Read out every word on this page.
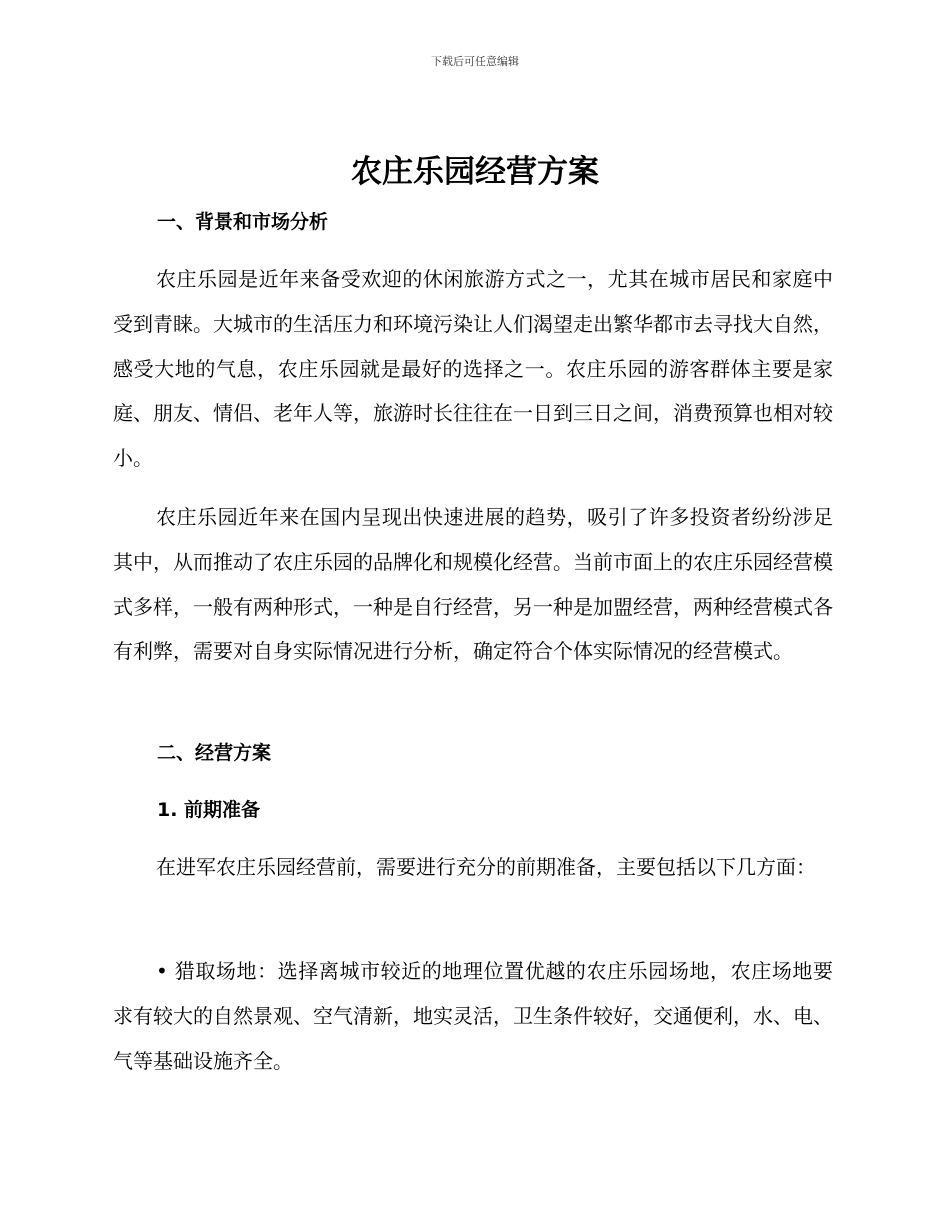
下载后可任意编辑
农庄乐园经营方案
一、背景和市场分析

农庄乐园是近年来备受欢迎的休闲旅游方式之一，尤其在城市居民和家庭中受到青睐。大城市的生活压力和环境污染让人们渴望走出繁华都市去寻找大自然，感受大地的气息，农庄乐园就是最好的选择之一。农庄乐园的游客群体主要是家庭、朋友、情侣、老年人等，旅游时长往往在一日到三日之间，消费预算也相对较小。

农庄乐园近年来在国内呈现出快速进展的趋势，吸引了许多投资者纷纷涉足其中，从而推动了农庄乐园的品牌化和规模化经营。当前市面上的农庄乐园经营模式多样，一般有两种形式，一种是自行经营，另一种是加盟经营，两种经营模式各有利弊，需要对自身实际情况进行分析，确定符合个体实际情况的经营模式。

二、经营方案
1. 前期准备

在进军农庄乐园经营前，需要进行充分的前期准备，主要包括以下几方面：

• 猎取场地：选择离城市较近的地理位置优越的农庄乐园场地，农庄场地要求有较大的自然景观、空气清新，地实灵活，卫生条件较好，交通便利，水、电、气等基础设施齐全。
